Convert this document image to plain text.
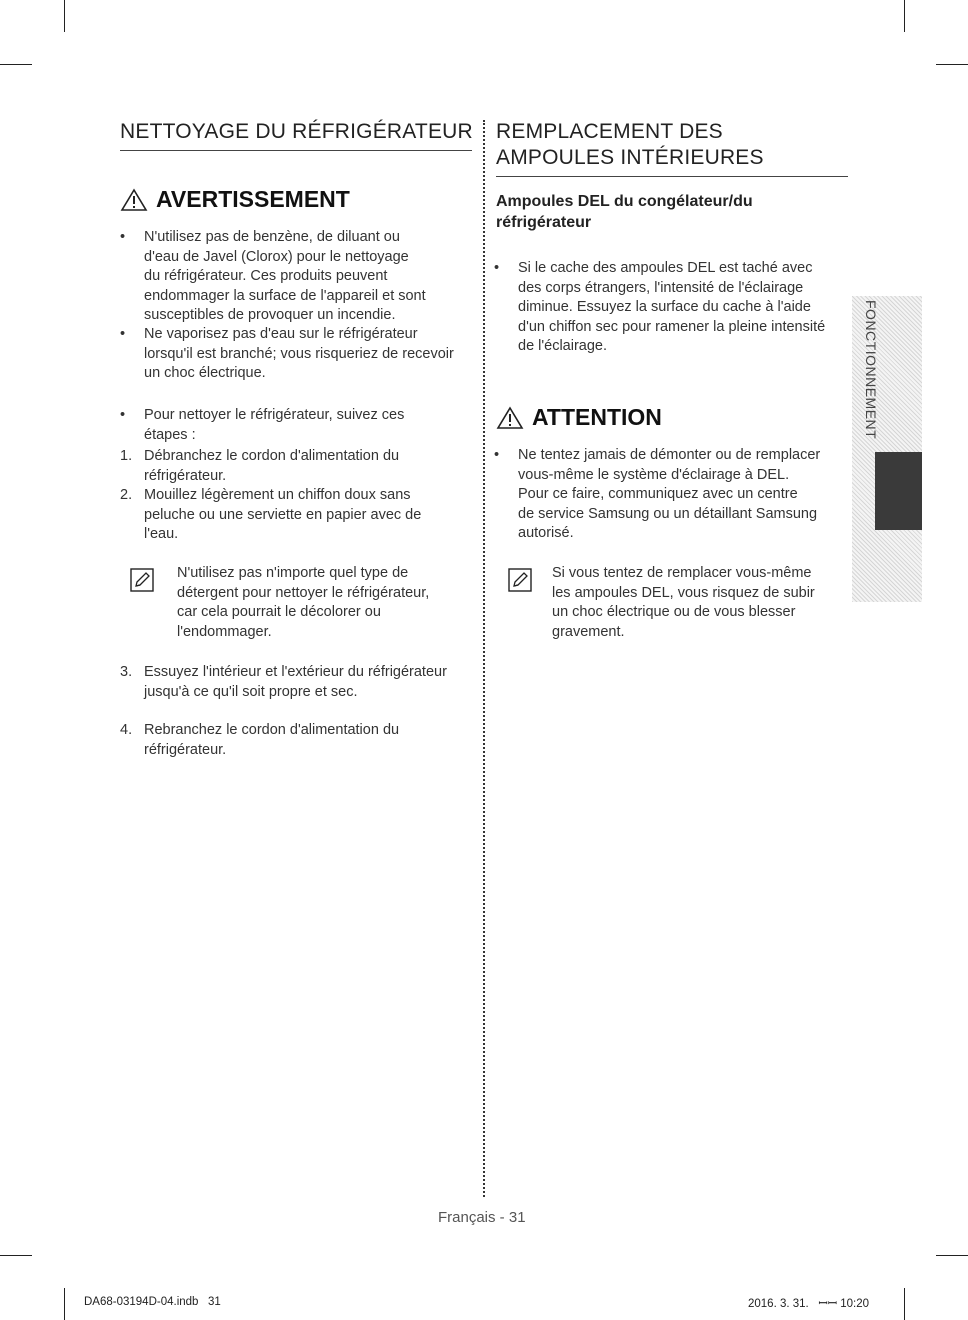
NETTOYAGE DU RÉFRIGÉRATEUR
AVERTISSEMENT
•	N'utilisez pas de benzène, de diluant ou
d'eau de Javel (Clorox) pour le nettoyage
du réfrigérateur. Ces produits peuvent
endommager la surface de l'appareil et sont
susceptibles de provoquer un incendie.
•	Ne vaporisez pas d'eau sur le réfrigérateur
lorsqu'il est branché; vous risqueriez de recevoir
un choc électrique.
•	Pour nettoyer le réfrigérateur, suivez ces
étapes :
1. Débranchez le cordon d'alimentation du
réfrigérateur.
2. Mouillez légèrement un chiffon doux sans
peluche ou une serviette en papier avec de
l'eau.
N'utilisez pas n'importe quel type de
détergent pour nettoyer le réfrigérateur,
car cela pourrait le décolorer ou
l'endommager.
3. Essuyez l'intérieur et l'extérieur du réfrigérateur
jusqu'à ce qu'il soit propre et sec.
4. Rebranchez le cordon d'alimentation du
réfrigérateur.
REMPLACEMENT DES
AMPOULES INTÉRIEURES
Ampoules DEL du congélateur/du
réfrigérateur
•	Si le cache des ampoules DEL est taché avec
des corps étrangers, l'intensité de l'éclairage
diminue. Essuyez la surface du cache à l'aide
d'un chiffon sec pour ramener la pleine intensité
de l'éclairage.
ATTENTION
•	Ne tentez jamais de démonter ou de remplacer
vous-même le système d'éclairage à DEL.
Pour ce faire, communiquez avec un centre
de service Samsung ou un détaillant Samsung
autorisé.
Si vous tentez de remplacer vous-même
les ampoules DEL, vous risquez de subir
un choc électrique ou de vous blesser
gravement.
FONCTIONNEMENT
Français - 31
DA68-03194D-04.indb   31	2016. 3. 31.   ꟷꟷ 10:20
